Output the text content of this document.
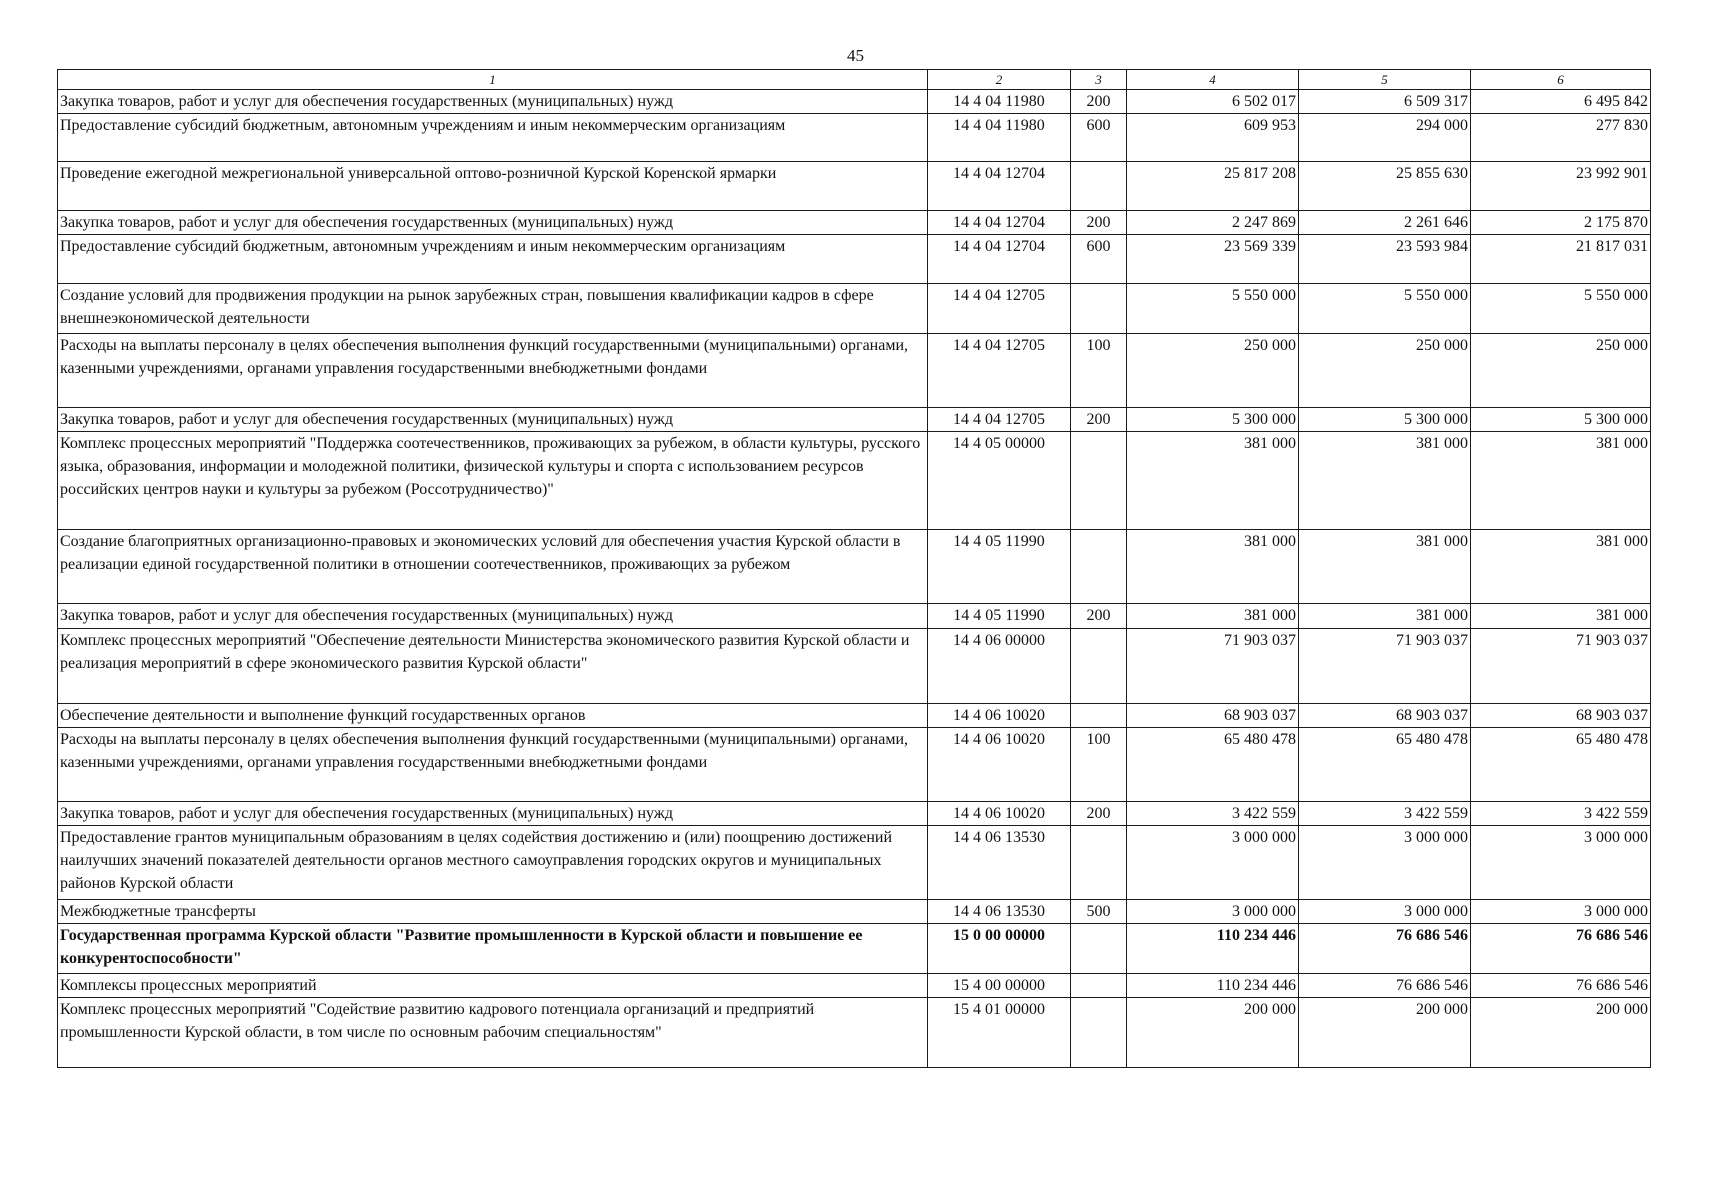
45
1	2	3	4	5	6
Закупка товаров, работ и услуг для обеспечения государственных (муниципальных) нужд	14 4 04 11980	200	6 502 017	6 509 317	6 495 842
Предоставление субсидий бюджетным, автономным учреждениям и иным некоммерческим организациям	14 4 04 11980	600	609 953	294 000	277 830
Проведение ежегодной межрегиональной универсальной оптово-розничной Курской Коренской ярмарки	14 4 04 12704		25 817 208	25 855 630	23 992 901
Закупка товаров, работ и услуг для обеспечения государственных (муниципальных) нужд	14 4 04 12704	200	2 247 869	2 261 646	2 175 870
Предоставление субсидий бюджетным, автономным учреждениям и иным некоммерческим организациям	14 4 04 12704	600	23 569 339	23 593 984	21 817 031
Создание условий для продвижения продукции на рынок зарубежных стран, повышения квалификации кадров в сфере внешнеэкономической деятельности	14 4 04 12705		5 550 000	5 550 000	5 550 000
Расходы на выплаты персоналу в целях обеспечения выполнения функций государственными (муниципальными) органами, казенными учреждениями, органами управления государственными внебюджетными фондами	14 4 04 12705	100	250 000	250 000	250 000
Закупка товаров, работ и услуг для обеспечения государственных (муниципальных) нужд	14 4 04 12705	200	5 300 000	5 300 000	5 300 000
Комплекс процессных мероприятий "Поддержка соотечественников, проживающих за рубежом, в области культуры, русского языка, образования, информации и молодежной политики, физической культуры и спорта с использованием ресурсов российских центров науки и культуры за рубежом (Россотрудничество)"	14 4 05 00000		381 000	381 000	381 000
Создание благоприятных организационно-правовых и экономических условий для обеспечения участия Курской области в реализации единой государственной политики в отношении соотечественников, проживающих за рубежом	14 4 05 11990		381 000	381 000	381 000
Закупка товаров, работ и услуг для обеспечения государственных (муниципальных) нужд	14 4 05 11990	200	381 000	381 000	381 000
Комплекс процессных мероприятий "Обеспечение деятельности Министерства экономического развития Курской области и реализация мероприятий в сфере экономического развития Курской области"	14 4 06 00000		71 903 037	71 903 037	71 903 037
Обеспечение деятельности и выполнение функций государственных органов	14 4 06 10020		68 903 037	68 903 037	68 903 037
Расходы на выплаты персоналу в целях обеспечения выполнения функций государственными (муниципальными) органами, казенными учреждениями, органами управления государственными внебюджетными фондами	14 4 06 10020	100	65 480 478	65 480 478	65 480 478
Закупка товаров, работ и услуг для обеспечения государственных (муниципальных) нужд	14 4 06 10020	200	3 422 559	3 422 559	3 422 559
Предоставление грантов муниципальным образованиям в целях содействия достижению и (или) поощрению достижений наилучших значений показателей деятельности органов местного самоуправления городских округов и муниципальных районов Курской области	14 4 06 13530		3 000 000	3 000 000	3 000 000
Межбюджетные трансферты	14 4 06 13530	500	3 000 000	3 000 000	3 000 000
Государственная программа Курской области "Развитие промышленности в Курской области и повышение ее конкурентоспособности"	15 0 00 00000		110 234 446	76 686 546	76 686 546
Комплексы процессных мероприятий	15 4 00 00000		110 234 446	76 686 546	76 686 546
Комплекс процессных мероприятий "Содействие развитию кадрового потенциала организаций и предприятий промышленности Курской области, в том числе по основным рабочим специальностям"	15 4 01 00000		200 000	200 000	200 000
